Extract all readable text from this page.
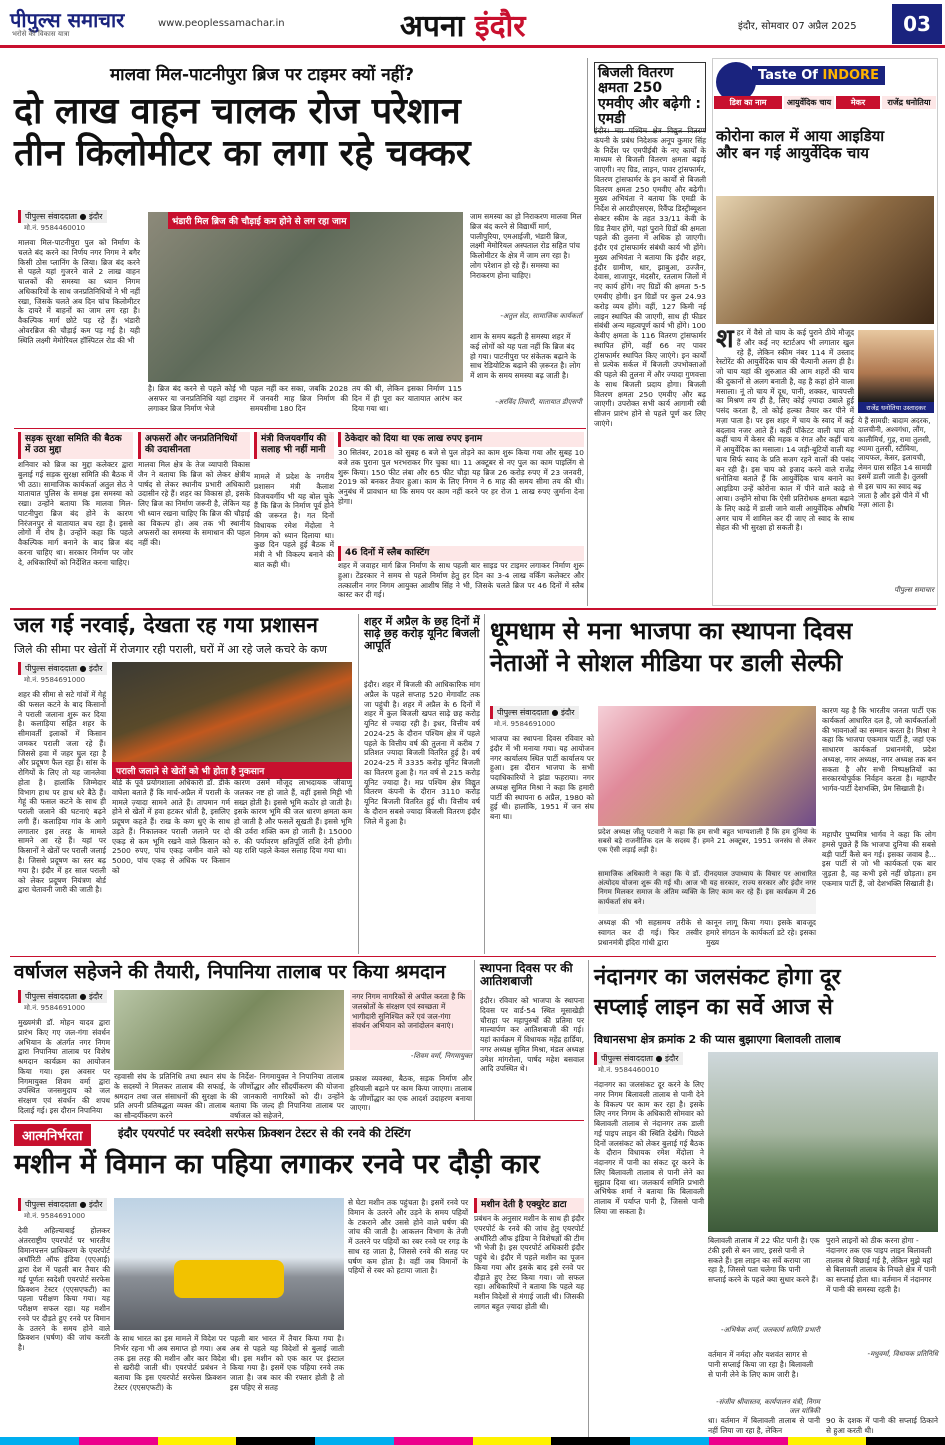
पीपुल्स समाचार
भरोसे की विकास यात्रा
www.peoplessamachar.in	अपना इंदौर	इंदौर, सोमवार 07 अप्रैल 2025	03
मालवा मिल-पाटनीपुरा ब्रिज पर टाइमर क्यों नहीं?
दो लाख वाहन चालक रोज परेशान
तीन किलोमीटर का लगा रहे चक्कर
पीपुल्स संवाददाता ● इंदौर
मो.नं. 9584460010
मालवा मिल-पाटनीपुरा पुल को निर्माण के चलते बंद करने का निर्णय नगर निगम ने बगैर किसी ठोस प्लानिंग के लिया। ब्रिज बंद करने से पहले यहां गुजरने वाले 2 लाख वाहन चालकों की समस्या का ध्यान निगम अधिकारियों के साथ जनप्रतिनिधियों ने भी नहीं रखा, जिसके चलते अब दिन चांच किलोमीटर के दायरे में बाहनों का जाम लग रहा है। वैकल्पिक मार्ग छोटे पड़ रहे हैं। भंडारी ओवरब्रिज की चौड़ाई कम पड़ गई है। यही स्थिति लक्ष्मी मेमोरियल हॉस्पिटल रोड की भी
भंडारी मिल ब्रिज की चौड़ाई कम होने से लग रहा जाम
है। ब्रिज बंद करने से पहले कोई भी असफर या जनप्रतिनिधि यहां टाइमर लगाकर ब्रिज निर्माण भेजे
पहल नहीं कर सका, जबकि 2028 में जनवरी माह ब्रिज निर्माण की समयसीमा 180 दिन
तय की थी, लेकिन इसका निर्माण 115 दिन में ही पूरा कर यातायात आरंभ कर दिया गया था।
जाम समस्या का हो निराकरण मालवा मिल ब्रिज बंद करने से विद्यार्थी मार्ग, पालीपुरिया, एमआईजी, भंडारी ब्रिज, लक्ष्मी मेमोरियल अस्पताल रोड सहित पांच किलोमीटर के क्षेत्र में जाम लग रहा है। लोग परेशान हो रहे हैं। समस्या का निराकरण होना चाहिए।
-अतुल सेठ, सामाजिक कार्यकर्ता
शाम के समय बढ़ती है समस्या शहर में कई लोगों को यह पता नहीं कि ब्रिज बंद हो गया। पाटनीपुरा पर संकेतक बढ़ाने के साथ रेडियोटिक बढ़ाने की ज़रूरत है। लोग में शाम के समय समस्या बढ़ जाती है।
-अरविंद तिवारी, यातायात डीएसपी
सड़क सुरक्षा समिति की बैठक में उठा मुद्दा
शनिवार को ब्रिज का मुद्दा कलेक्टर द्वारा बुलाई गई सड़क सुरक्षा समिति की बैठक में भी उठा। सामाजिक कार्यकर्ता अतुल सेठ ने यातायात पुलिस के समक्ष इस समस्या को रखा। उन्होंने बताया कि मालवा मिल-पाटनीपुरा ब्रिज बंद होने के कारण निरंजनपुर से यातायात बच रहा है। इससे लोगों में रोष है। उन्होंने कहा कि पहले वैकल्पिक मार्ग बनाने के बाद ब्रिज बंद करना चाहिए था। सरकार निर्माण पर जोर दे, अधिकारियों को निर्देशित करना चाहिए।
अफसरों और जनप्रतिनिधियों की उदासीनता
मालवा मिल क्षेत्र के तेज व्यापारी विकास जैन ने बताया कि ब्रिज को लेकर क्षेत्रीय पार्षद से लेकर स्थानीय प्रभारी अधिकारी उदासीन रहे हैं। शहर का विकास हो, इसके लिए ब्रिज का निर्माण जरूरी है, लेकिन यह भी ध्यान रखना चाहिए कि ब्रिज की चौड़ाई का विकल्प हो। अब तक भी स्थानीय अफसरों का समस्या के समाधान की पहल नहीं की।
मंत्री विजयवर्गीय की सलाह भी नहीं मानी
मामले में प्रदेश के नगरीय प्रशासन मंत्री कैलाश विजयवर्गीय भी यह बोल चुके हैं कि ब्रिज के निर्माण पूर्व होने की जरूरत है। गत दिनों विधायक रमेश मेंदोला ने निगम को ध्यान दिलाया था। कुछ दिन पहले हुई बैठक में मंत्री ने भी विकल्प बनाने की बात कही थी।
ठेकेदार को दिया था एक लाख रुपए इनाम
30 सितंबर, 2018 को सुबह 6 बजे से पुल तोड़ने का काम शुरू किया गया और सुबह 10 बजे तक पुराना पुल भरभराकर गिर चुका था। 11 अक्टूबर से नए पुल का काम पाइलिंग से शुरू किया। 150 फीट लंबा और 65 फीट चौड़ा यह ब्रिज 26 करोड़ रुपए में 23 जनवरी, 2019 को बनकर तैयार हुआ। काम के लिए निगम ने 6 माह की समय सीमा तय की थी। अनुबंध में प्रावधान था कि समय पर काम नहीं करने पर हर रोज 1 लाख रुपए जुर्माना देना होगा।
46 दिनों में स्लैब कास्टिंग
शहर में जवाहर मार्ग ब्रिज निर्माण के साथ पहली बार साइड पर टाइमर लगाकर निर्माण शुरू हुआ। टेंडरकार ने समय से पहले निर्माण हेतु हर दिन का 3-4 लाख वर्किंग कलेक्टर और तत्कालीन नगर निगम आयुक्त आशीष सिंह ने भी, जिसके चलते ब्रिज पर 46 दिनों में स्लैब कास्ट कर दी गई।
बिजली वितरण क्षमता 250 एमवीए और बढ़ेगी : एमडी
इंदौर। मप्र पश्चिम क्षेत्र विद्युत वितरण कंपनी के प्रबंध निदेशक अनूप कुमार सिंह के निर्देश पर एमपीईबी के नए कार्यों के माध्यम से बिजली वितरण क्षमता बढ़ाई जाएगी। नए ग्रिड, लाइन, पावर ट्रांसफार्मर, वितरण ट्रांसफार्मर के इन कार्यों से बिजली वितरण क्षमता 250 एमवीए और बढ़ेगी। मुख्य अभियंता ने बताया कि एमडी के निर्देश से आरडीएसएस, रिवैंप्ड डिस्ट्रीब्यूशन सेक्टर स्कीम के तहत 33/11 केवी के ग्रिड तैयार होंगे, यहां पुराने ग्रिडों की क्षमता पहले की तुलना में अधिक हो जाएगी। इंदौर एवं ट्रांसफार्मर संबंधी कार्य भी होंगे। मुख्य अभियंता ने बताया कि इंदौर शहर, इंदौर ग्रामीण, धार, झाबुआ, उज्जैन, देवास, शाजापुर, मंदसौर, रतलाम जिलों में नए कार्य होंगे। नए ग्रिडों की क्षमता 5-5 एमवीए होगी। इन ग्रिडों पर कुल 24.93 करोड़ व्यय होंगे। वहीं, 127 किमी नई लाइन स्थापित की जाएगी, साथ ही फीडर संबंधी अन्य महत्वपूर्ण कार्य भी होंगे। 100 केवीए क्षमता के 116 वितरण ट्रांसफार्मर स्थापित होंगे, वहीं 66 नए पावर ट्रांसफार्मर स्थापित किए जाएंगे। इन कार्यों से प्रत्येक सर्कल में बिजली उपभोक्ताओं की पहले की तुलना में और ज्यादा गुणवत्ता के साथ बिजली प्रदाय होगा। बिजली वितरण क्षमता 250 एमवीए और बढ़ जाएगी। उपरोक्त सभी कार्य आगामी रबी सीजन प्रारंभ होने से पहले पूर्ण कर लिए जाएंगे।
Taste Of INDORE
डिश का नाम	आयुर्वेदिक चाय	मेकर	राजेंद्र धनोतिया
कोरोना काल में आया आइडिया और बन गई आयुर्वेदिक चाय
शहर में वैसे तो चाय के कई पुराने ठीये मौजूद हैं और कई नए स्टार्टअप भी लगातार खुल रहे हैं, लेकिन स्कीम नंबर 114 में उस्ताद रेस्टोरेंट की आयुर्वेदिक चाय की चैत्यानी अलग ही है। जो चाय यहां की शुरुआत की आम शहरों की चाय की दुकानों से अलग बनाती है, वह है कहां होने वाला मसाला। नूं तो चाय में दूध, पानी, शक्कर, चायपत्ती का मिश्रण तय ही है, लिए कोई ज़्यादा उबाले हुई पसंद करता है, तो कोई हल्का तैयार कर पीने में मज़ा पाता है। पर इस शहर में चाय के स्वाद में कई बदलाव नजर आते हैं। कहीं पॉकेटट वाली चाय तो कहीं चाय में केसर की महक व रंगत और कहीं चाय में आयुर्वेदिक का मसाला। 14 जड़ी-बूटियों वाली यह चाय सिर्फ स्वाद के प्रति सजग रहने वालों की पसंद बन रही है। इस चाय को इजाद करने वाले राजेंद्र धनोतिया बताते हैं कि आयुर्वेदिक चाय बनाने का आइडिया उन्हें कोरोना काल में पीने वाले काढ़े से आया। उन्होंने सोचा कि ऐसी प्रतिरोधक क्षमता बढ़ाने के लिए काढ़े में डाली जाने वाली आयुर्वेदिक औषधि अगर चाय में शामिल कर दी जाए तो स्वाद के साथ सेहत की भी सुरक्षा हो सकती है।
राजेंद्र धनोतिया उस्तादकर
ये हैं सामग्री: बादाम अदरक, दालचीनी, अश्वगंधा, लौंग, कालीमिर्च, गुड़, रामा तुलसी, श्यामा तुलसी, स्टीविया, जायफल, केसर, इलायची, लेमन ग्रास सहित 14 सामग्री इसमें डाली जाती है। तुलसी से इस चाय का स्वाद बढ़ जाता है और इसे पीने में भी मज़ा आता है।
पीपुल्स समाचार
जल गई नरवाई, देखता रह गया प्रशासन
जिले की सीमा पर खेतों में रोजगार रही पराली, घरों में आ रहे जले कचरे के कण
पीपुल्स संवाददाता ● इंदौर
मो.नं. 9584691000
शहर की सीमा से सटे गांवों में गेहूं की फसल कटने के बाद किसानों ने पराली जलाना शुरू कर दिया है। कलाड़िया सहित शहर के सीमावर्ती इलाकों में किसान जमकर पराली जला रहे हैं। जिससे हवा में जहर घुल रहा है और प्रदूषण फैल रहा है। सांस के रोगियों के लिए तो यह जानलेवा होता है। हालांकि जिम्मेदार विभाग हाथ पर हाथ धरे बैठे हैं। गेहूं की फसल कटने के साथ ही पराली जलाने की घटनाएं बढ़ने लगी हैं। कलाड़िया गांव के आगे लगातार इस तरह के मामले सामने आ रहे हैं। यहां पर किसानों ने खेतों पर पराली जलाई है। जिससे प्रदूषण का स्तर बढ़ गया है। इंदौर में हर साल पराली को लेकर प्रदूषण नियंत्रण बोर्ड द्वारा चेतावनी जारी की जाती है।
पराली जलाने से खेतों को भी होता है नुकसान
बोर्ड के पूर्व प्रयोगशाला अधिकारी डॉ. डीके वाघेला बताते हैं कि मार्च-अप्रैल में पराली के मामले ज़्यादा सामने आते हैं। तापमान गर्म होने से खेतों में हवा हटकर धोती है, इसलिए प्रदूषण कहते हैं। राख के कण धुएं के साथ उड़ते हैं। निकालकर पराली जलाने पर दो एकड़ से कम भूमि रखने वाले किसान को 2500 रुपए, पांच एकड़ जमीन वाले को 5000, पांच एकड़ से अधिक पर किसान को
कारण उसमें मौजूद लाभदायक जीवाणु जलकर नष्ट हो जाते हैं, वहीं इससे मिट्टी भी सख्त होती है। इससे भूमि कठोर हो जाती है। इसके कारण भूमि की जल धारण क्षमता कम हो जाती है और फसलें सूखती हैं। इससे भूमि की उर्वरा शक्ति कम हो जाती है। 15000 रु. की पर्यावरण क्षतिपूर्ति राशि देनी होगी। यह राशि पहले केवल सलाह दिया गया था।
शहर में अप्रैल के छह दिनों में साढ़े छह करोड़ यूनिट बिजली आपूर्ति
इंदौर। शहर में बिजली की आधिकारिक मांग अप्रैल के पहले सप्ताह 520 मेगावॉट तक जा पहुंची है। शहर में अप्रैल के 6 दिनों में शहर में कुल बिजली खपत साढ़े छह करोड़ यूनिट से ज्यादा रही है। इधर, वित्तीय वर्ष 2024-25 के दौरान पश्चिम क्षेत्र में पहले पहले के वित्तीय वर्ष की तुलना में करीब 7 प्रतिशत ज्यादा बिजली वितरित हुई है। वर्ष 2024-25 में 3335 करोड़ यूनिट बिजली का वितरण हुआ है। गत वर्ष से 215 करोड़ यूनिट ज्यादा है। मप्र पश्चिम क्षेत्र विद्युत वितरण कंपनी के दौरान 3110 करोड़ यूनिट बिजली वितरित हुई थी। वित्तीय वर्ष के दौरान सबसे ज्यादा बिजली वितरण इंदौर जिले में हुआ है।
धूमधाम से मना भाजपा का स्थापना दिवस
नेताओं ने सोशल मीडिया पर डाली सेल्फी
पीपुल्स संवाददाता ● इंदौर
मो.नं. 9584691000
भाजपा का स्थापना दिवस रविवार को इंदौर में भी मनाया गया। यह आयोजन नगर कार्यालय स्थित पार्टी कार्यालय पर हुआ। इस दौरान भाजपा के सभी पदाधिकारियों ने झंडा फहराया। नगर अध्यक्ष सुमित मिश्रा ने कहा कि हमारी पार्टी की स्थापना 6 अप्रैल, 1980 को हुई थी। हालांकि, 1951 में जन संघ बना था।
प्रदेश अध्यक्ष जीतू पटवारी ने कहा कि हम सभी बहुत भाग्यशाली हैं कि हम दुनिया के सबसे बड़े राजनीतिक दल के सदस्य हैं। हमने 21 अक्टूबर, 1951 जनसंघ से लेकर एक ऐसी लड़ाई लड़ी है।
सामाजिक अधिकारी ने कहा कि ये डॉ. दीनदयाल उपाध्याय के विचार पर आधारित अंत्योदय योजना शुरू की गई थी। आज भी यह सरकार, राज्य सरकार और इंदौर नगर निगम मिलकर समाज के अंतिम व्यक्ति के लिए काम कर रहे हैं। इस कार्यक्रम में 26 कार्यकर्ता संघ बने।
अध्यक्ष की भी सहसमय तरीके से स्वागत कर दी गई। फिर तस्वीर प्रधानमंत्री इंदिरा गांधी द्वारा
कानून लागू किया गया। इसके बावजूद हमारे संगठन के कार्यकर्ता डटे रहे। इसका मुख्य
कारण यह है कि भारतीय जनता पार्टी एक कार्यकर्ता आधारित दल है, जो कार्यकर्ताओं की भावनाओं का सम्मान करता है। मिश्रा ने कहा कि भाजपा एकमात्र पार्टी है, जहां एक साधारण कार्यकर्ता प्रधानमंत्री, प्रदेश अध्यक्ष, नगर अध्यक्ष, नगर अध्यक्ष तक बन सकता है और सभी निष्पक्षतियों का सरकारयोपूर्वक निर्वहन करता है। महापौर भार्गव-पार्टी देशभक्ति, प्रेम सिखाती है।
महापौर पुष्यमित्र भार्गव ने कहा कि लोग हमसे पूछते हैं कि भाजपा दुनिया की सबसे बड़ी पार्टी कैसे बन गई। इसका जवाब है... इस पार्टी से जो भी कार्यकर्ता एक बार जुड़ता है, वह कभी इसे नहीं छोड़ता। हम एकमात्र पार्टी हैं, जो देशभक्ति सिखाती है।
वर्षाजल सहेजने की तैयारी, निपानिया तालाब पर किया श्रमदान
पीपुल्स संवाददाता ● इंदौर
मो.नं. 9584691000
मुख्यमंत्री डॉ. मोहन यादव द्वारा प्रारंभ किए गए जल-गंगा संवर्धन अभियान के अंतर्गत नगर निगम द्वारा निपानिया तालाब पर विशेष श्रमदान कार्यक्रम का आयोजन किया गया। इस अवसर पर निगमायुक्त शिवम वर्मा द्वारा उपस्थित जनसमुदाय को जल संरक्षण एवं संवर्धन की शपथ दिलाई गई। इस दौरान निपानिया
रहवासी संघ के प्रतिनिधि तथा स्थान संघ के सदस्यों ने मिलकर तालाब की सफाई, श्रमदान तथा जल संसाधनों की सुरक्षा के प्रति अपनी प्रतिबद्धता व्यक्त की। तालाब का सौन्दर्यीकरण करने
के निर्देश- निगमायुक्त ने निपानिया तालाब के जीर्णोद्धार और सौंदर्यीकरण की योजना की जानकारी नागरिकों को दी। उन्होंने बताया कि जल्द ही निपानिया तालाब पर वर्षाजल को सहेजने,
नगर निगम नागरिकों से अपील करता है कि जलस्रोतों के संरक्षण एवं स्वच्छता में भागीदारी सुनिश्चित करें एवं जल-गंगा संवर्धन अभियान को जनांदोलन बनाएं।
-शिवम वर्मा, निगमायुक्त
प्रकाश व्यवस्था, बैठक, सड़क निर्माण और हरियाली बढ़ाने पर काम किया जाएगा। तालाब के जीर्णोद्धार का एक आदर्श उदाहरण बनाया जाएगा।
स्थापना दिवस पर की आतिशबाजी
इंदौर। रविवार को भाजपा के स्थापना दिवस पर वार्ड-54 स्थित मूसाखेड़ी चौराहा पर महापुरुषों की प्रतिमा पर माल्यार्पण कर आतिशबाजी की गई। यहां कार्यक्रम में विधायक महेंद्र हार्डिया, नगर अध्यक्ष सुमित मिश्रा, मंडल अध्यक्ष उमेश मांगरोला, पार्षद महेश बसवाल आदि उपस्थित थे।
नंदानगर का जलसंकट होगा दूर
सप्लाई लाइन का सर्वे आज से
विधानसभा क्षेत्र क्रमांक 2 की प्यास बुझाएगा बिलावली तालाब
पीपुल्स संवाददाता ● इंदौर
मो.नं. 9584460010
नंदानगर का जलसंकट दूर करने के लिए नगर निगम बिलावली तालाब से पानी देने के विकल्प पर काम कर रहा है। इसके लिए नगर निगम के अधिकारी सोमवार को बिलावली तालाब से नंदानगर तक डाली गई पाइप लाइन की स्थिति देखेंगे। पिछले दिनों जलसंकट को लेकर बुलाई गई बैठक के दौरान विधायक रमेश मेंदोला ने नंदानगर में पानी का संकट दूर करने के लिए बिलावली तालाब से पानी लेने का सुझाव दिया था। जलकार्य समिति प्रभारी अभिषेक शर्मा ने बताया कि बिलावली तालाब में पर्याप्त पानी है, जिससे पानी लिया जा सकता है।
बिलावली तालाब में 22 फीट पानी है। एक टंकी इसी से बन जाए, इससे पानी ले सकते हैं। इस लाइन का सर्वे कराया जा रहा है, जिससे पता चलेगा कि पानी सप्लाई करने के पहले क्या सुधार करने हैं।
-अभिषेक शर्मा, जलकार्य समिति प्रभारी
वर्तमान में नर्मदा और यशवंत सागर से पानी सप्लाई किया जा रहा है। बिलावली से पानी लेने के लिए काम जारी है।
-संजीव श्रीवास्तव, कार्यपालन यंत्री, निगम जल यांत्रिकी
पुराने लाइनों को ठीक करना होगा - नंदानगर तक एक पाइप लाइन बिलावली तालाब से बिछाई गई है, लेकिन मुझे यहां से बिलावली तालाब के निचले क्षेत्र में पानी का सप्लाई होता था। वर्तमान में नंदानगर में पानी की समस्या रहती है।
-मधुवर्मा, विधायक प्रतिनिधि
धा। वर्तमान में बिलावली तालाब से पानी नहीं लिया जा रहा है, लेकिन
90 के दशक में पानी की सप्लाई ठिकाने से हुआ करती थी।
आत्मनिर्भरता	इंदौर एयरपोर्ट पर स्वदेशी सरफेस फ्रिक्शन टेस्टर से की रनवे की टेस्टिंग
मशीन में विमान का पहिया लगाकर रनवे पर दौड़ी कार
पीपुल्स संवाददाता ● इंदौर
मो.नं. 9584691000
देवी अहिल्याबाई होलकर अंतरराष्ट्रीय एयरपोर्ट पर भारतीय विमानपत्तन प्राधिकरण के एयरपोर्ट अथॉरिटी ऑफ इंडिया (एएआई) द्वारा देश में पहली बार तैयार की गई पूर्णतः स्वदेशी एयरपोर्ट सरफेस फ्रिक्शन टेस्टर (एएसएफटी) का पहला परीक्षण किया गया। यह परीक्षण सफल रहा। यह मशीन रनवे पर दौड़ते हुए रनवे पर विमान के उतरने के समय होने वाले फ्रिक्शन (घर्षण) की जांच करती है।
के साथ भारत का इस मामले में विदेश पर निर्भर रहना भी अब समाप्त हो गया। अब तक इस तरह की मशीन और कार विदेश से खरीदी जाती थी। एयरपोर्ट प्रबंधन ने बताया कि इस एयरपोर्ट सरफेस फ्रिक्शन टेस्टर (एएसएफटी) के
पहली बार भारत में तैयार किया गया है। अब से पहले यह विदेशों से बुलाई जाती थी। इस मशीन को एक कार पर इंस्टाल किया गया है। इसमें एक पहिया रनवे तक जाता है। जब कार की रफ्तार होती है तो इस पहिए से सतह
से घेटा मशीन तक पहुंचता है। इसमें रनवे पर विमान के उतरने और उड़ने के समय पहियों के टकराने और उससे होने वाले घर्षण की जांच की जाती है। आकलन विभाग के तेजी में उतरने पर पहियों का रबर रनवे पर रगड़ के साथ रह जाता है, जिससे रनवे की सतह पर घर्षण कम होता है। वहीं जब विमानों के पहियों से रबर को हटाया जाता है।
मशीन देती है एक्युरेट डाटा
प्रबंधन के अनुसार मशीन के साथ ही इंदौर एयरपोर्ट के रनवे की जांच हेतु एयरपोर्ट अथॉरिटी ऑफ इंडिया ने विशेषज्ञों की टीम भी भेजी है। इस एयरपोर्ट अधिकारी इंदौर पहुंचे थे। इंदौर में पहले मशीन का पूजन किया गया और इसके बाद इसे रनवे पर दौड़ाते हुए टेस्ट किया गया। जो सफल रहा। अधिकारियों ने बताया कि पहले यह मशीन विदेशों से मंगाई जाती थी। जिसकी लागत बहुत ज़्यादा होती थी।
